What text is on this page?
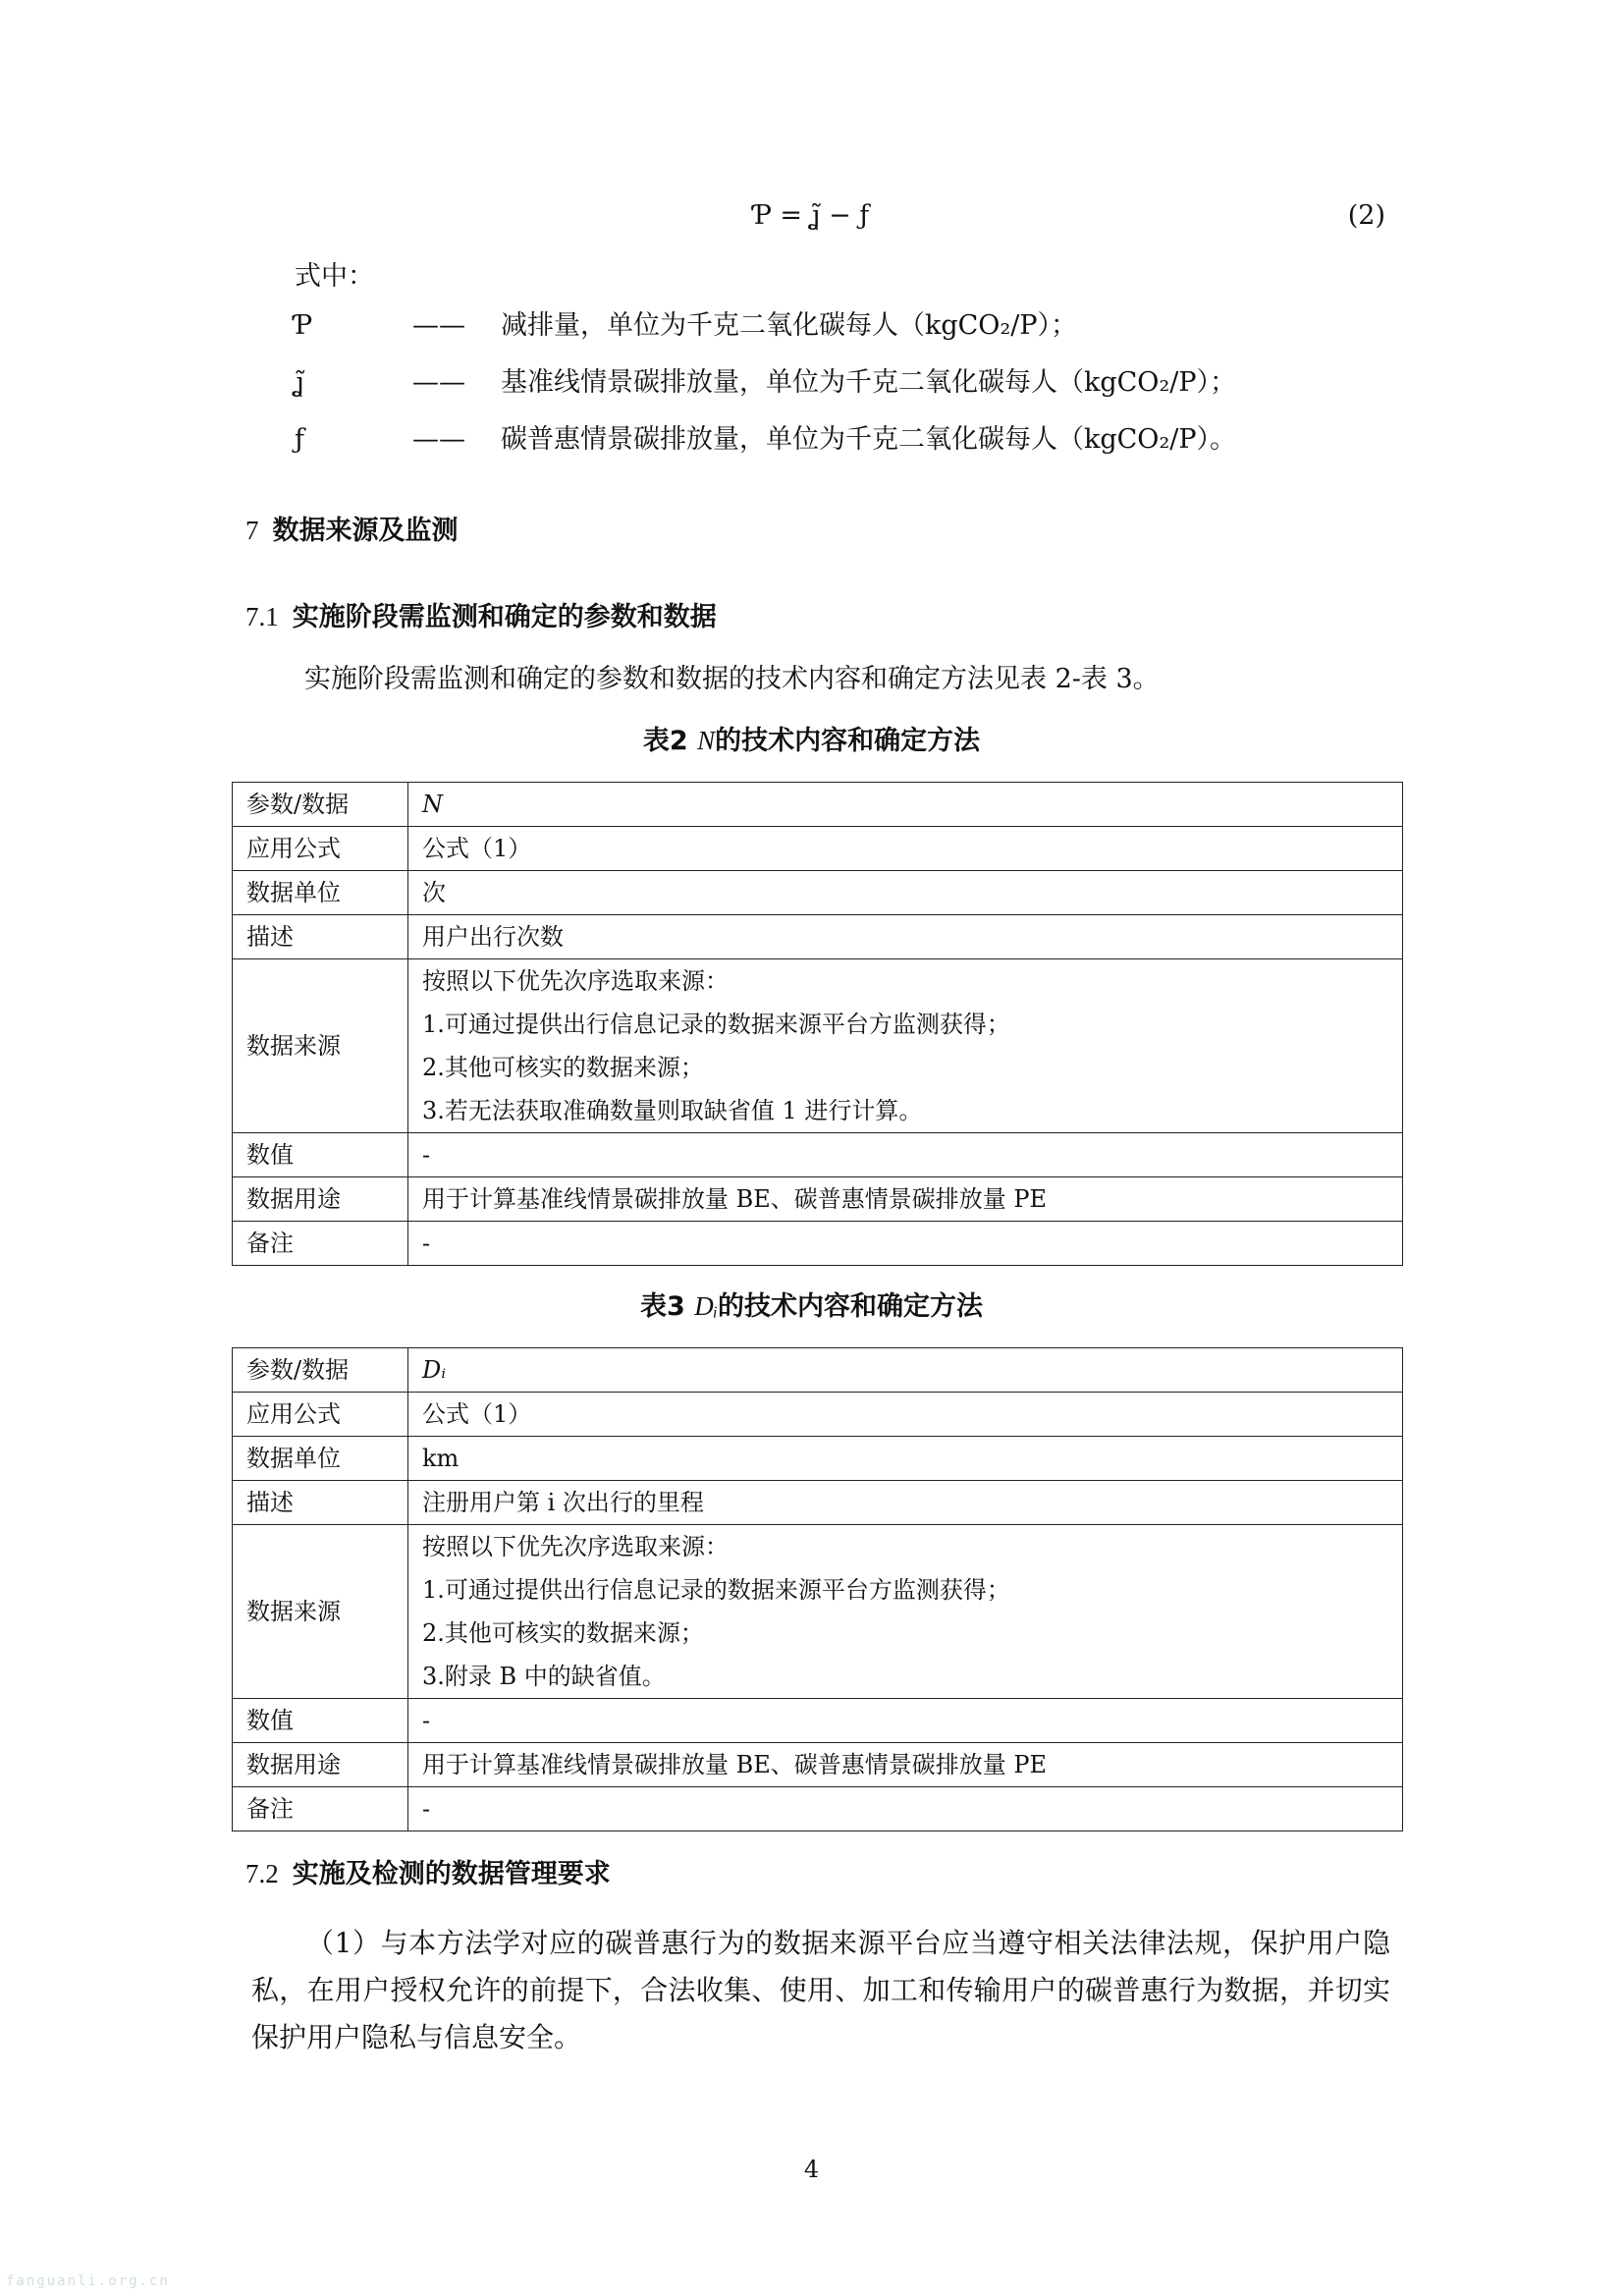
Ƥ = ʝ̃ − ƒ	(2)
式中：
Ƥ	—— 减排量，单位为千克二氧化碳每人（kgCO₂/P）；
ʝ̃	—— 基准线情景碳排放量，单位为千克二氧化碳每人（kgCO₂/P）；
ƒ	—— 碳普惠情景碳排放量，单位为千克二氧化碳每人（kgCO₂/P）。
7 数据来源及监测
7.1 实施阶段需监测和确定的参数和数据
实施阶段需监测和确定的参数和数据的技术内容和确定方法见表 2-表 3。
表2 N的技术内容和确定方法
参数/数据	N
应用公式	公式（1）
数据单位	次
描述	用户出行次数
数据来源	按照以下优先次序选取来源：
1.可通过提供出行信息记录的数据来源平台方监测获得；
2.其他可核实的数据来源；
3.若无法获取准确数量则取缺省值 1 进行计算。

数值	-
数据用途	用于计算基准线情景碳排放量 BE、碳普惠情景碳排放量 PE
备注	-
表3 Dᵢ的技术内容和确定方法
参数/数据	Dᵢ
应用公式	公式（1）
数据单位	km
描述	注册用户第 i 次出行的里程
数据来源	按照以下优先次序选取来源：
1.可通过提供出行信息记录的数据来源平台方监测获得；
2.其他可核实的数据来源；
3.附录 B 中的缺省值。

数值	-
数据用途	用于计算基准线情景碳排放量 BE、碳普惠情景碳排放量 PE
备注	-
7.2 实施及检测的数据管理要求
（1）与本方法学对应的碳普惠行为的数据来源平台应当遵守相关法律法规，保护用户隐私，在用户授权允许的前提下，合法收集、使用、加工和传输用户的碳普惠行为数据，并切实保护用户隐私与信息安全。
4
fanguanli.org.cn
